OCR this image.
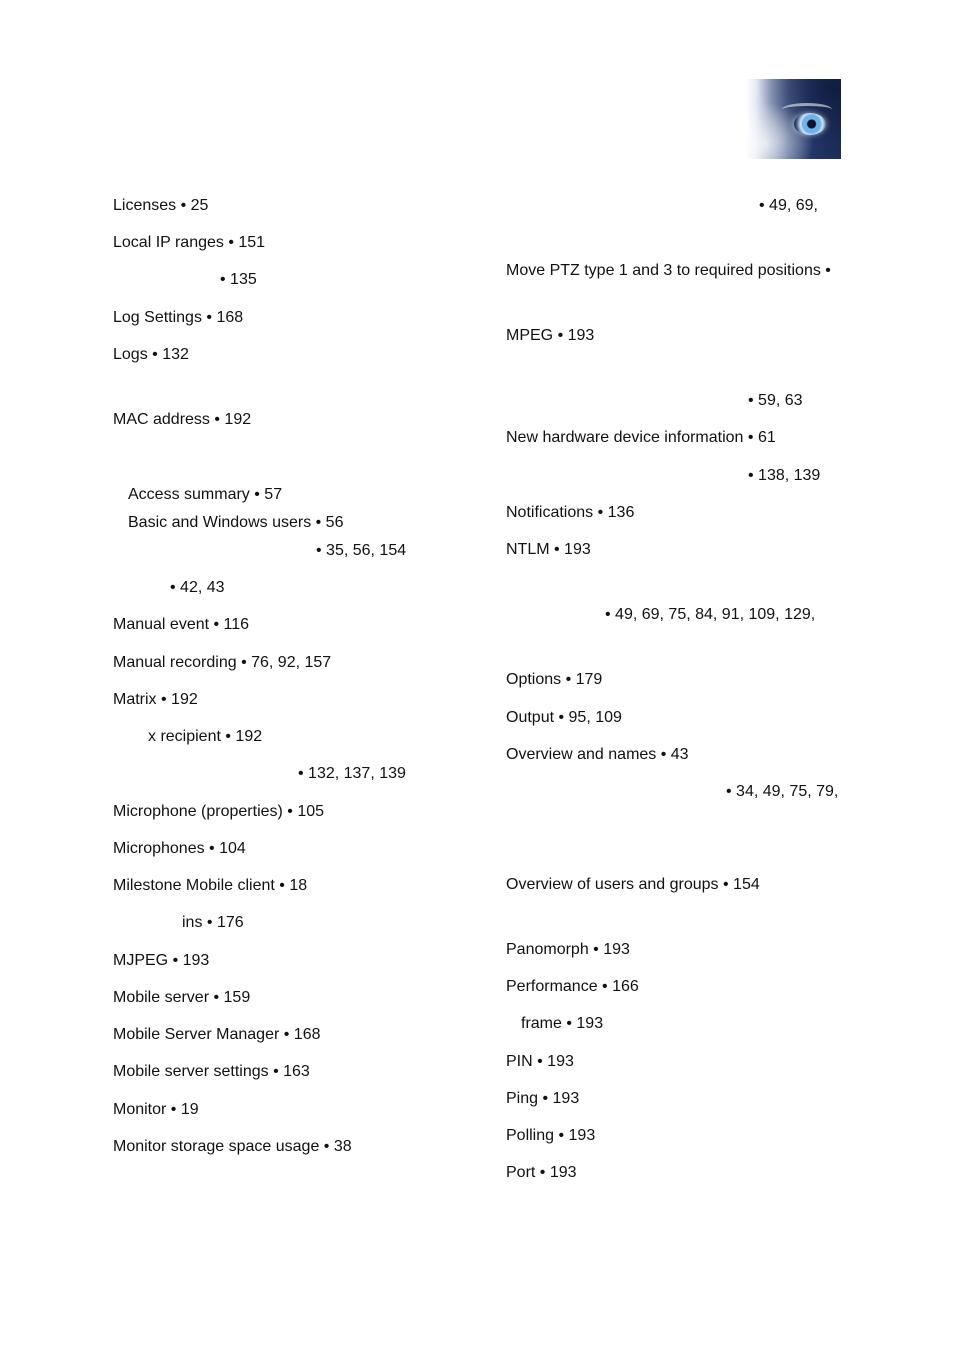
Licenses • 25
Local IP ranges • 151
• 135
Log Settings • 168
Logs • 132
MAC address • 192
Access summary • 57
Basic and Windows users • 56
• 35, 56, 154
• 42, 43
Manual event • 116
Manual recording • 76, 92, 157
Matrix • 192
x recipient • 192
• 132, 137, 139
Microphone (properties) • 105
Microphones • 104
Milestone Mobile client • 18
ins • 176
MJPEG • 193
Mobile server • 159
Mobile Server Manager • 168
Mobile server settings • 163
Monitor • 19
Monitor storage space usage • 38
• 49, 69,
Move PTZ type 1 and 3 to required positions •
MPEG • 193
• 59, 63
New hardware device information • 61
• 138, 139
Notifications • 136
NTLM • 193
• 49, 69, 75, 84, 91, 109, 129,
Options • 179
Output • 95, 109
Overview and names • 43
• 34, 49, 75, 79,
Overview of users and groups • 154
Panomorph • 193
Performance • 166
frame • 193
PIN • 193
Ping • 193
Polling • 193
Port • 193
